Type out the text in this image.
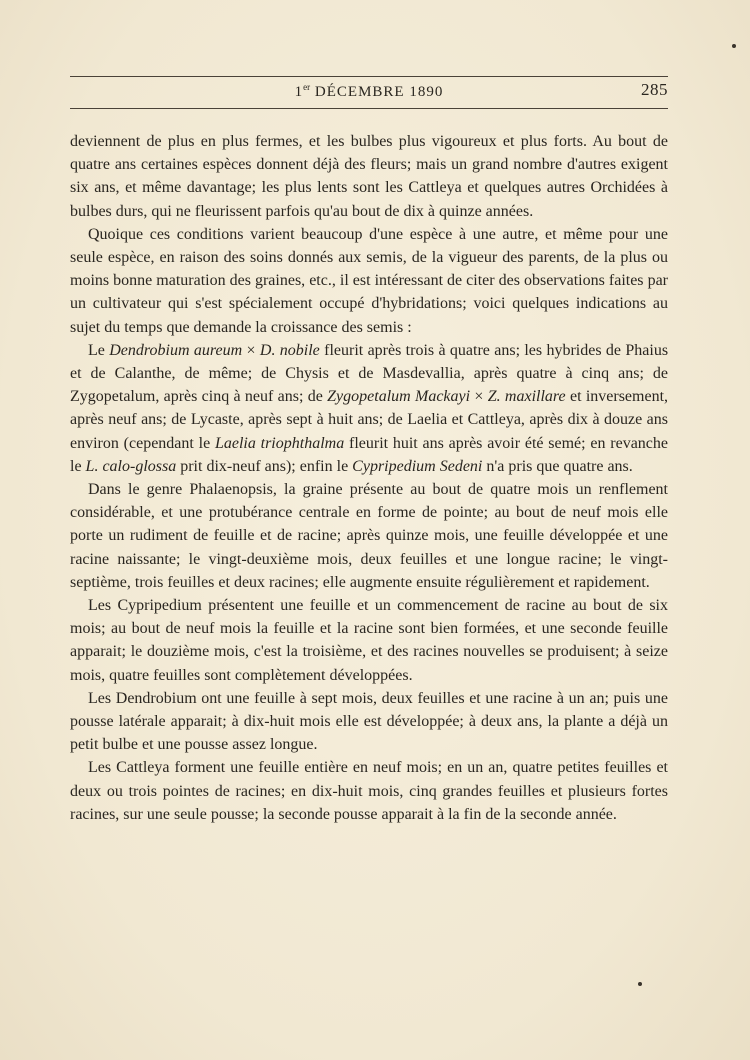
1er DÉCEMBRE 1890	285

deviennent de plus en plus fermes, et les bulbes plus vigoureux et plus forts. Au bout de quatre ans certaines espèces donnent déjà des fleurs; mais un grand nombre d'autres exigent six ans, et même davantage; les plus lents sont les Cattleya et quelques autres Orchidées à bulbes durs, qui ne fleurissent parfois qu'au bout de dix à quinze années.

Quoique ces conditions varient beaucoup d'une espèce à une autre, et même pour une seule espèce, en raison des soins donnés aux semis, de la vigueur des parents, de la plus ou moins bonne maturation des graines, etc., il est intéressant de citer des observations faites par un cultivateur qui s'est spécialement occupé d'hybridations; voici quelques indications au sujet du temps que demande la croissance des semis :

Le Dendrobium aureum × D. nobile fleurit après trois à quatre ans; les hybrides de Phaius et de Calanthe, de même; de Chysis et de Masdevallia, après quatre à cinq ans; de Zygopetalum, après cinq à neuf ans; de Zygopetalum Mackayi × Z. maxillare et inversement, après neuf ans; de Lycaste, après sept à huit ans; de Laelia et Cattleya, après dix à douze ans environ (cependant le Laelia triophthalma fleurit huit ans après avoir été semé; en revanche le L. calo-glossa prit dix-neuf ans); enfin le Cypripedium Sedeni n'a pris que quatre ans.

Dans le genre Phalaenopsis, la graine présente au bout de quatre mois un renflement considérable, et une protubérance centrale en forme de pointe; au bout de neuf mois elle porte un rudiment de feuille et de racine; après quinze mois, une feuille développée et une racine naissante; le vingt-deuxième mois, deux feuilles et une longue racine; le vingt-septième, trois feuilles et deux racines; elle augmente ensuite régulièrement et rapidement.

Les Cypripedium présentent une feuille et un commencement de racine au bout de six mois; au bout de neuf mois la feuille et la racine sont bien formées, et une seconde feuille apparait; le douzième mois, c'est la troisième, et des racines nouvelles se produisent; à seize mois, quatre feuilles sont complètement développées.

Les Dendrobium ont une feuille à sept mois, deux feuilles et une racine à un an; puis une pousse latérale apparait; à dix-huit mois elle est développée; à deux ans, la plante a déjà un petit bulbe et une pousse assez longue.

Les Cattleya forment une feuille entière en neuf mois; en un an, quatre petites feuilles et deux ou trois pointes de racines; en dix-huit mois, cinq grandes feuilles et plusieurs fortes racines, sur une seule pousse; la seconde pousse apparait à la fin de la seconde année.
